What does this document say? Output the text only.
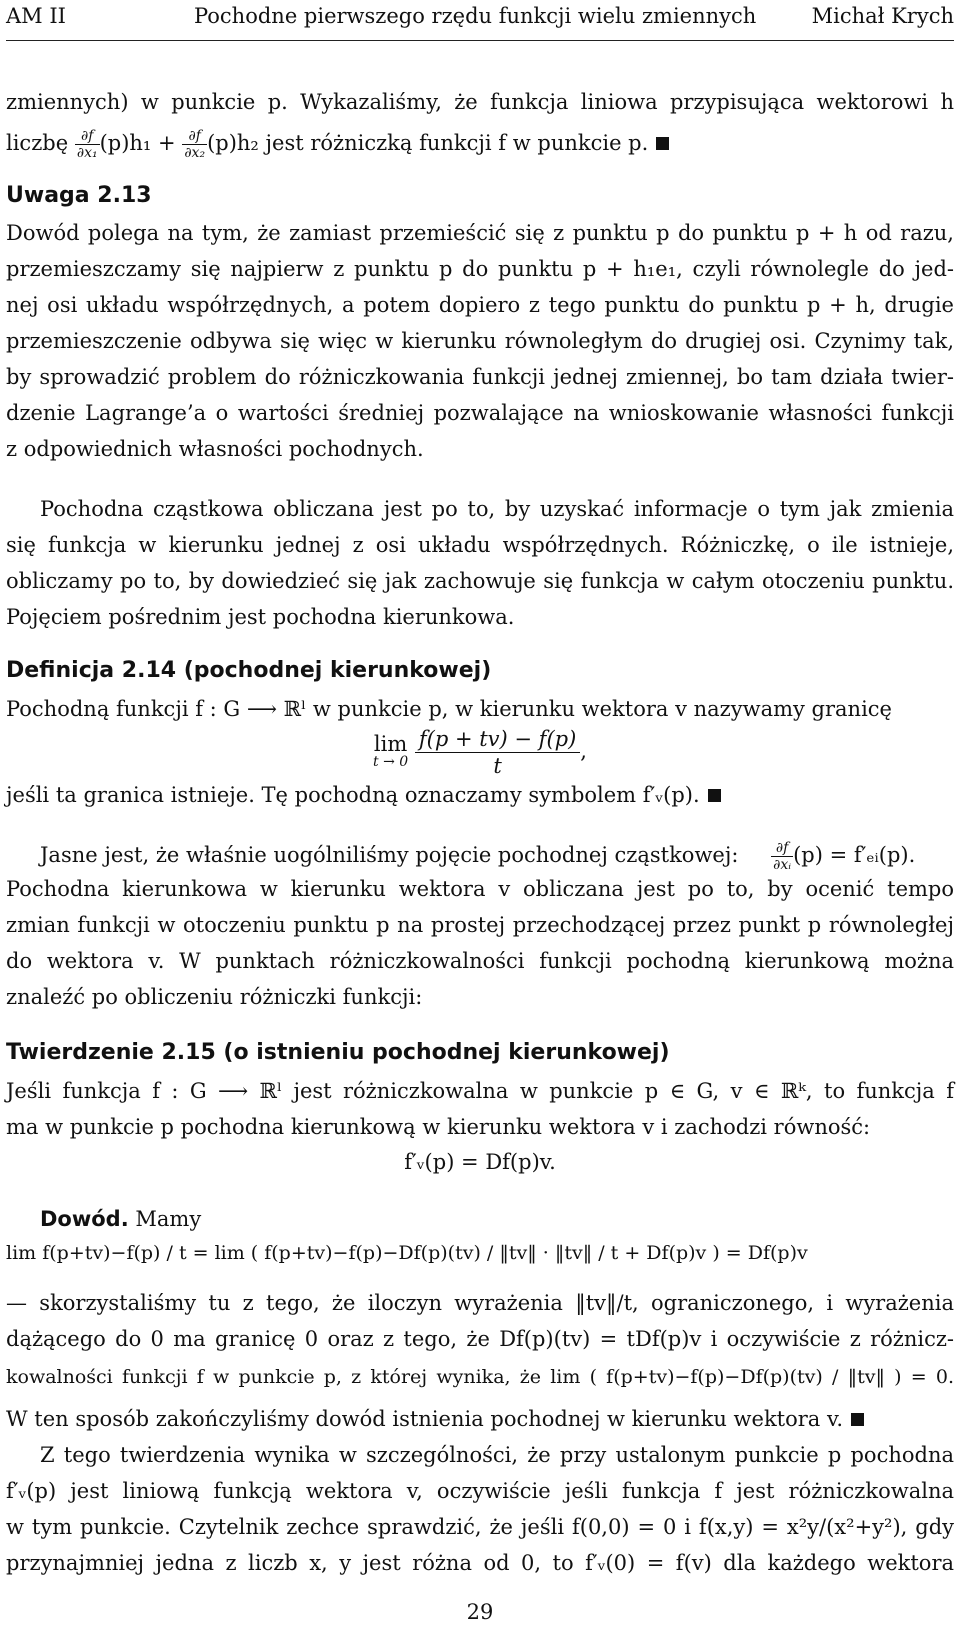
AM II	Pochodne pierwszego rzędu funkcji wielu zmiennych	Michał Krych
zmiennych) w punkcie p. Wykazaliśmy, że funkcja liniowa przypisująca wektorowi h
liczbę $\frac{\partial f}{\text{∂x₁}} (p)h_1 + \frac{\partial f}{\text{∂x₂}} (p)h_2$ jest różniczką funkcji f w punkcie p.
Uwaga 2.13
Dowód polega na tym, że zamiast przemieścić się z punktu p do punktu p + h od razu,
przemieszczamy się najpierw z punktu p do punktu p + h₁e₁, czyli równolegle do jed-
nej osi układu współrzędnych, a potem dopiero z tego punktu do punktu p + h, drugie
przemieszczenie odbywa się więc w kierunku równoległym do drugiej osi. Czynimy tak,
by sprowadzić problem do różniczkowania funkcji jednej zmiennej, bo tam działa twier-
dzenie Lagrange’a o wartości średniej pozwalające na wnioskowanie własności funkcji
z odpowiednich własności pochodnych.
Pochodna cząstkowa obliczana jest po to, by uzyskać informacje o tym jak zmienia
się funkcja w kierunku jednej z osi układu współrzędnych. Różniczkę, o ile istnieje,
obliczamy po to, by dowiedzieć się jak zachowuje się funkcja w całym otoczeniu punktu.
Pojęciem pośrednim jest pochodna kierunkowa.
Definicja 2.14 (pochodnej kierunkowej)
Pochodną funkcji f : G ⟶ ℝˡ w punkcie p, w kierunku wektora v nazywamy granicę
lim
t → 0
$\frac{f(p + tv) - f(p)}{t}$,
jeśli ta granica istnieje. Tę pochodną oznaczamy symbolem f′ᵥ(p).
Jasne jest, że właśnie uogólniliśmy pojęcie pochodnej cząstkowej: $\frac{\partial f}{\text{∂xᵢ}} (p)$ = f′ₑᵢ(p).
Pochodna kierunkowa w kierunku wektora v obliczana jest po to, by ocenić tempo
zmian funkcji w otoczeniu punktu p na prostej przechodzącej przez punkt p równoległej
do wektora v. W punktach różniczkowalności funkcji pochodną kierunkową można
znaleźć po obliczeniu różniczki funkcji:
Twierdzenie 2.15 (o istnieniu pochodnej kierunkowej)
Jeśli funkcja f : G ⟶ ℝˡ jest różniczkowalna w punkcie p ∈ G, v ∈ ℝᵏ, to funkcja f
ma w punkcie p pochodna kierunkową w kierunku wektora v i zachodzi równość:
f′ᵥ(p) = Df(p)v.
Dowód. Mamy
lim f(p+tv)−f(p) / t = lim ( f(p+tv)−f(p)−Df(p)(tv) / ‖tv‖ · ‖tv‖ / t + Df(p)v ) = Df(p)v
— skorzystaliśmy tu z tego, że iloczyn wyrażenia ‖tv‖/t, ograniczonego, i wyrażenia
dążącego do 0 ma granicę 0 oraz z tego, że Df(p)(tv) = tDf(p)v i oczywiście z różnicz-
kowalności funkcji f w punkcie p, z której wynika, że lim ( f(p+tv)−f(p)−Df(p)(tv) / ‖tv‖ ) = 0.
W ten sposób zakończyliśmy dowód istnienia pochodnej w kierunku wektora v.
Z tego twierdzenia wynika w szczególności, że przy ustalonym punkcie p pochodna
f′ᵥ(p) jest liniową funkcją wektora v, oczywiście jeśli funkcja f jest różniczkowalna
w tym punkcie. Czytelnik zechce sprawdzić, że jeśli f(0,0) = 0 i f(x,y) = x²y/(x²+y²), gdy
przynajmniej jedna z liczb x, y jest różna od 0, to f′ᵥ(0) = f(v) dla każdego wektora
29
